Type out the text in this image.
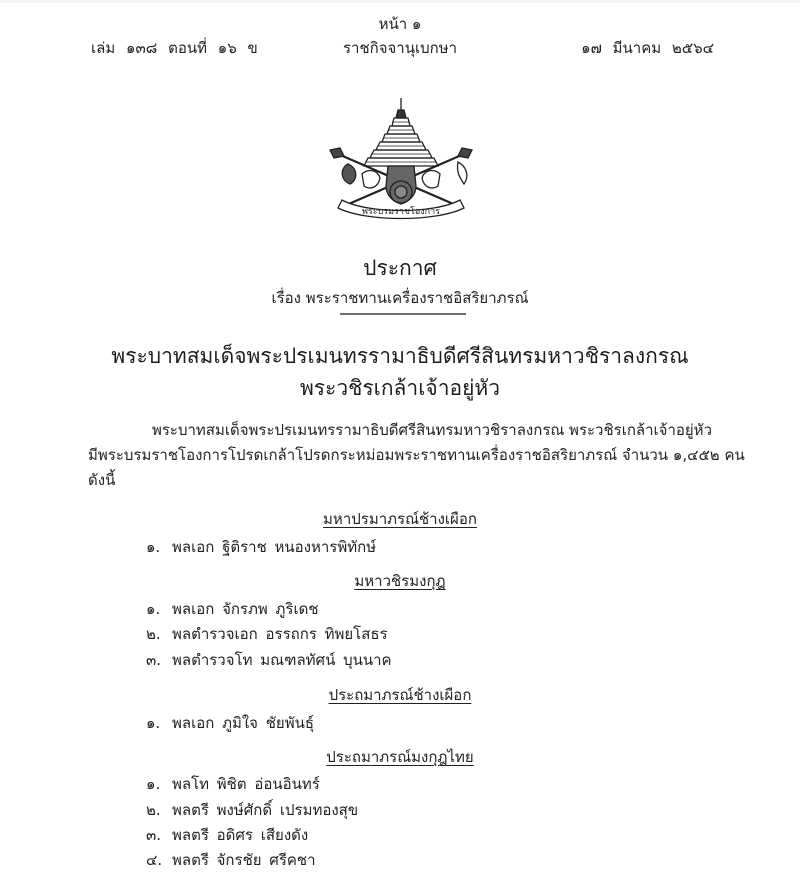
หน้า ๑
เล่ม ๑๓๘ ตอนที่ ๑๖ ข	ราชกิจจานุเบกษา	๑๗ มีนาคม ๒๕๖๔
พระบรมราชโองการ
ประกาศ
เรื่อง พระราชทานเครื่องราชอิสริยาภรณ์
พระบาทสมเด็จพระปรเมนทรรามาธิบดีศรีสินทรมหาวชิราลงกรณ
พระวชิรเกล้าเจ้าอยู่หัว
พระบาทสมเด็จพระปรเมนทรรามาธิบดีศรีสินทรมหาวชิราลงกรณ พระวชิรเกล้าเจ้าอยู่หัว
มีพระบรมราชโองการโปรดเกล้าโปรดกระหม่อมพระราชทานเครื่องราชอิสริยาภรณ์ จำนวน ๑,๔๕๒ คน
ดังนี้
มหาปรมาภรณ์ช้างเผือก
๑. พลเอก ฐิติราช หนองหารพิทักษ์
มหาวชิรมงกุฎ
๑. พลเอก จักรภพ ภูริเดช
๒. พลตำรวจเอก อรรถกร ทิพยโสธร
๓. พลตำรวจโท มณฑลทัศน์ บุนนาค
ประถมาภรณ์ช้างเผือก
๑. พลเอก ภูมิใจ ชัยพันธุ์
ประถมาภรณ์มงกุฎไทย
๑. พลโท พิชิต อ่อนอินทร์
๒. พลตรี พงษ์ศักดิ์ เปรมทองสุข
๓. พลตรี อดิศร เสียงดัง
๔. พลตรี จักรชัย ศรีคชา
